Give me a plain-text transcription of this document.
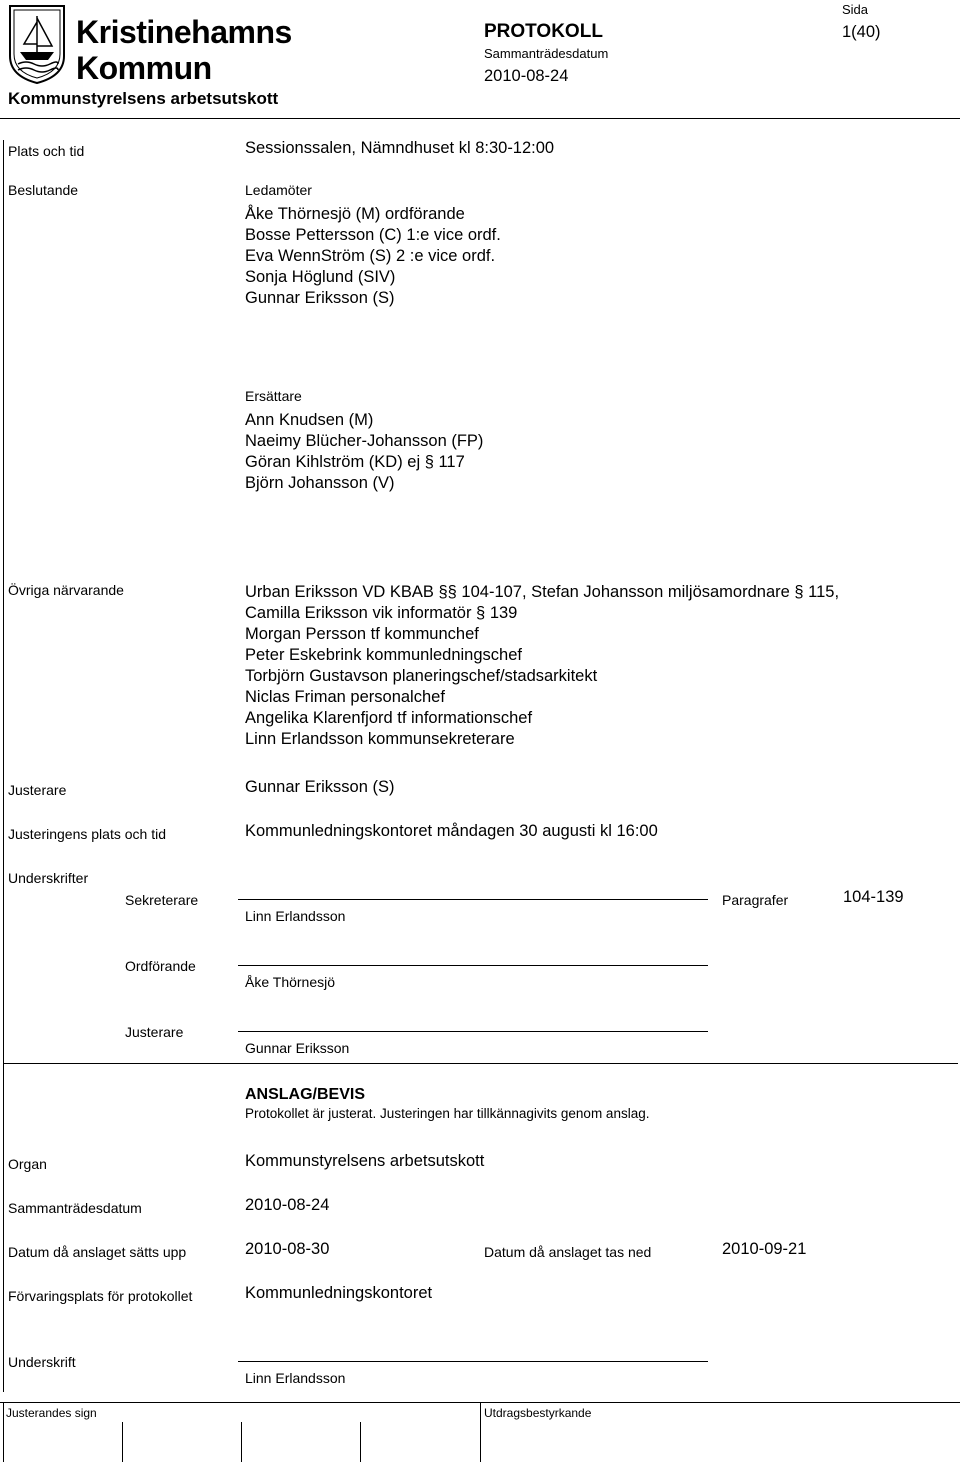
Kristinehamns
Kommun
Kommunstyrelsens arbetsutskott
PROTOKOLL
Sammanträdesdatum
2010-08-24
Sida
1(40)
Plats och tid	Sessionssalen, Nämndhuset kl 8:30-12:00
Beslutande	Ledamöter
Åke Thörnesjö (M) ordförande
Bosse Pettersson (C) 1:e vice ordf.
Eva WennStröm (S) 2 :e vice ordf.
Sonja Höglund (SIV)
Gunnar Eriksson (S)
Ersättare
Ann Knudsen (M)
Naeimy Blücher-Johansson (FP)
Göran Kihlström (KD) ej § 117
Björn Johansson (V)
Övriga närvarande	Urban Eriksson VD KBAB §§ 104-107, Stefan Johansson miljösamordnare § 115,
Camilla Eriksson vik informatör § 139
Morgan Persson tf kommunchef
Peter Eskebrink kommunledningschef
Torbjörn Gustavson planeringschef/stadsarkitekt
Niclas Friman personalchef
Angelika Klarenfjord tf informationschef
Linn Erlandsson kommunsekreterare
Justerare	Gunnar Eriksson (S)
Justeringens plats och tid	Kommunledningskontoret måndagen 30 augusti kl 16:00
Underskrifter
Sekreterare
Linn Erlandsson
Paragrafer	104-139
Ordförande
Åke Thörnesjö
Justerare
Gunnar Eriksson
ANSLAG/BEVIS
Protokollet är justerat. Justeringen har tillkännagivits genom anslag.
Organ	Kommunstyrelsens arbetsutskott
Sammanträdesdatum	2010-08-24
Datum då anslaget sätts upp	2010-08-30	Datum då anslaget tas ned	2010-09-21
Förvaringsplats för protokollet	Kommunledningskontoret
Underskrift
Linn Erlandsson
Justerandes sign	Utdragsbestyrkande
